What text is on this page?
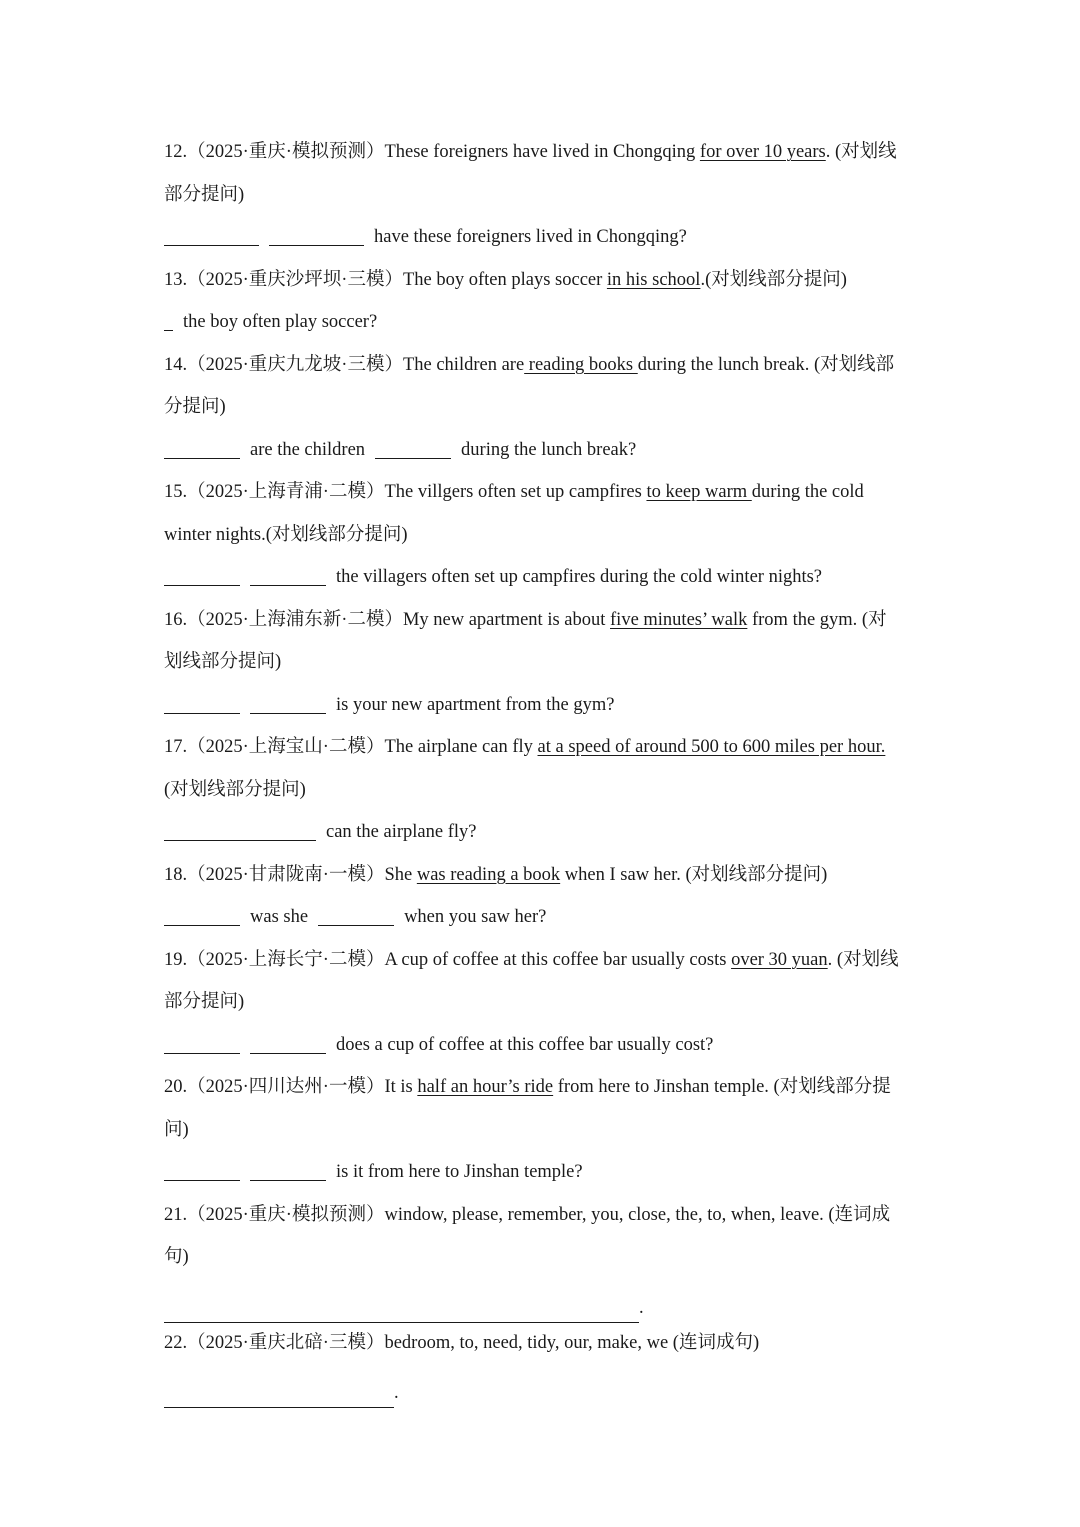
12.（2025·重庆·模拟预测）These foreigners have lived in Chongqing for over 10 years. (对划线
部分提问)
have these foreigners lived in Chongqing?
13.（2025·重庆沙坪坝·三模）The boy often plays soccer in his school.(对划线部分提问)
the boy often play soccer?
14.（2025·重庆九龙坡·三模）The children are reading books during the lunch break. (对划线部
分提问)
are the children	during the lunch break?
15.（2025·上海青浦·二模）The villgers often set up campfires to keep warm during the cold
winter nights.(对划线部分提问)
the villagers often set up campfires during the cold winter nights?
16.（2025·上海浦东新·二模）My new apartment is about five minutes’ walk from the gym. (对
划线部分提问)
is your new apartment from the gym?
17.（2025·上海宝山·二模）The airplane can fly at a speed of around 500 to 600 miles per hour.
(对划线部分提问)
can the airplane fly?
18.（2025·甘肃陇南·一模）She was reading a book when I saw her. (对划线部分提问)
was she	when you saw her?
19.（2025·上海长宁·二模）A cup of coffee at this coffee bar usually costs over 30 yuan. (对划线
部分提问)
does a cup of coffee at this coffee bar usually cost?
20.（2025·四川达州·一模）It is half an hour’s ride from here to Jinshan temple. (对划线部分提
问)
is it from here to Jinshan temple?
21.（2025·重庆·模拟预测）window, please, remember, you, close, the, to, when, leave. (连词成
句)
.
22.（2025·重庆北碚·三模）bedroom, to, need, tidy, our, make, we (连词成句)
.
